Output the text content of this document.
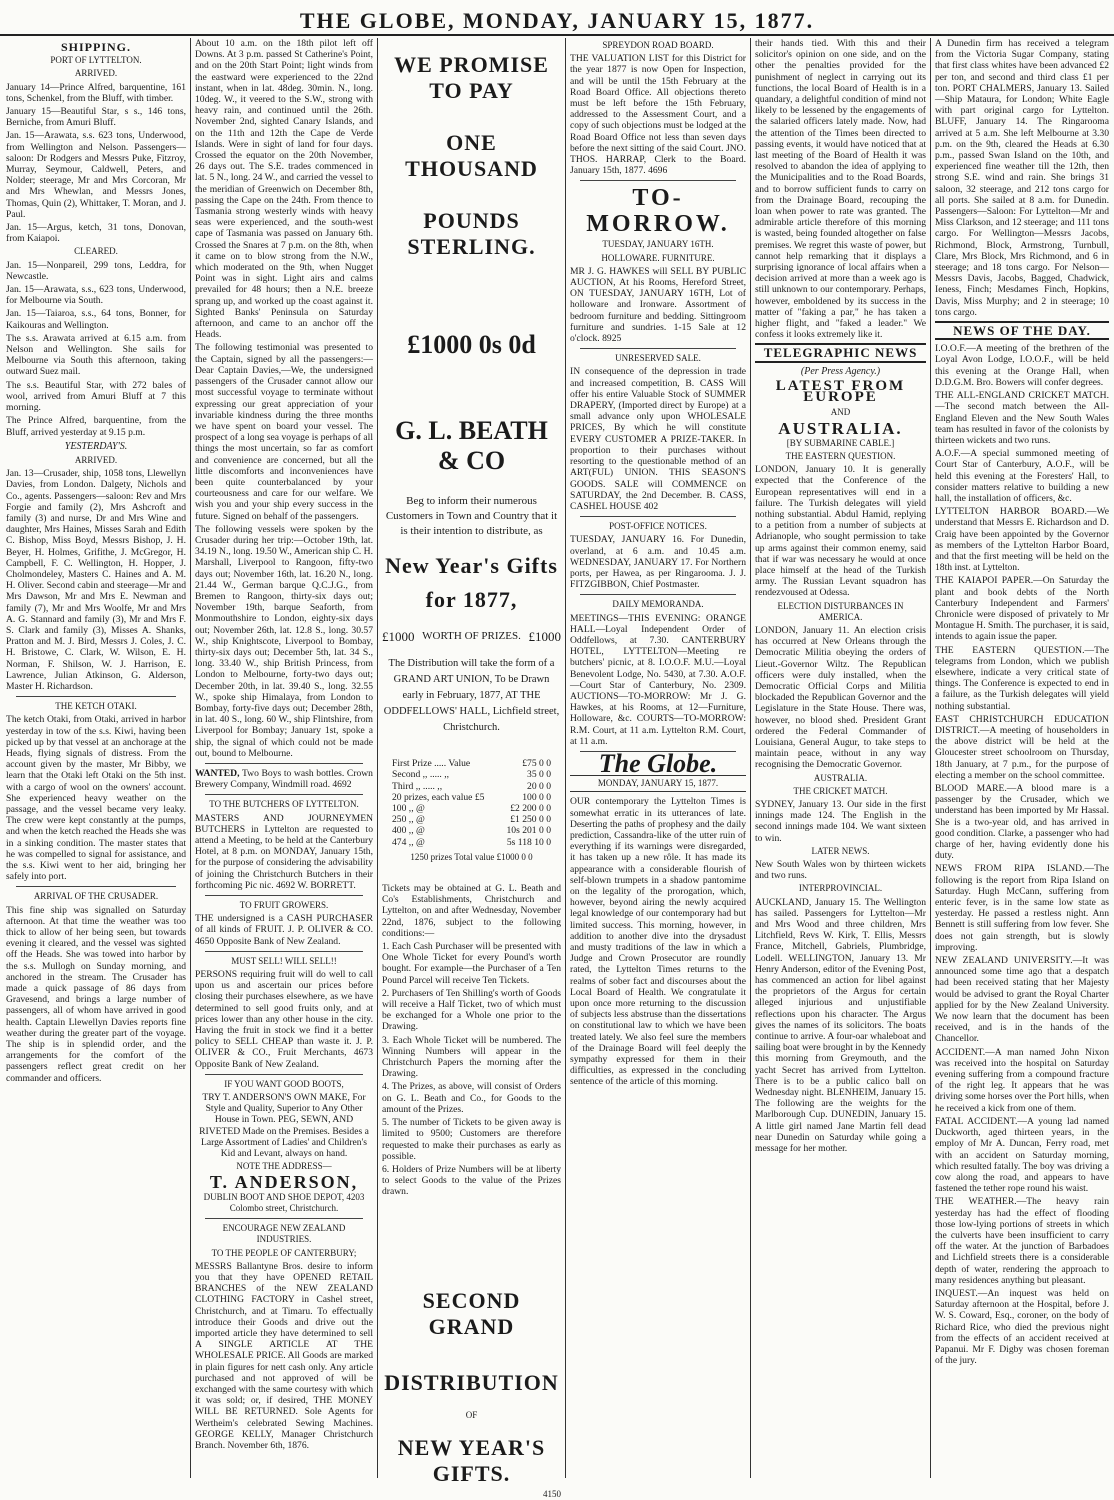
THE GLOBE, MONDAY, JANUARY 15, 1877.
SHIPPING.
PORT OF LYTTELTON.
ARRIVED.

January 14—Prince Alfred, barquentine, 161 tons, Schenkel, from the Bluff, with timber.

January 15—Beautiful Star, s s., 146 tons, Berniche, from Amuri Bluff.

Jan. 15—Arawata, s.s. 623 tons, Underwood, from Wellington and Nelson. Passengers—saloon: Dr Rodgers and Messrs Puke, Fitzroy, Murray, Seymour, Caldwell, Peters, and Nolder; steerage, Mr and Mrs Corcoran, Mr and Mrs Whewlan, and Messrs Jones, Thomas, Quin (2), Whittaker, T. Moran, and J. Paul.

Jan. 15—Argus, ketch, 31 tons, Donovan, from Kaiapoi.

CLEARED.

Jan. 15—Nonpareil, 299 tons, Leddra, for Newcastle.

Jan. 15—Arawata, s.s., 623 tons, Underwood, for Melbourne via South.

Jan. 15—Taiaroa, s.s., 64 tons, Bonner, for Kaikouras and Wellington.

The s.s. Arawata arrived at 6.15 a.m. from Nelson and Wellington. She sails for Melbourne via South this afternoon, taking outward Suez mail.

The s.s. Beautiful Star, with 272 bales of wool, arrived from Amuri Bluff at 7 this morning.

The Prince Alfred, barquentine, from the Bluff, arrived yesterday at 9.15 p.m.

YESTERDAY'S.
ARRIVED.

Jan. 13—Crusader, ship, 1058 tons, Llewellyn Davies, from London. Dalgety, Nichols and Co., agents. Passengers—saloon: Rev and Mrs Forgie and family (2), Mrs Ashcroft and family (3) and nurse, Dr and Mrs Wine and daughter, Mrs Haines, Misses Sarah and Edith C. Bishop, Miss Boyd, Messrs Bishop, J. H. Beyer, H. Holmes, Grifithe, J. McGregor, H. Campbell, F. C. Wellington, H. Hopper, J. Cholmondeley, Masters C. Haines and A. M. H. Oliver. Second cabin and steerage—Mr and Mrs Dawson, Mr and Mrs E. Newman and family (7), Mr and Mrs Woolfe, Mr and Mrs A. G. Stannard and family (3), Mr and Mrs F. S. Clark and family (3), Misses A. Shanks, Pratton and M. J. Bird, Messrs J. Coles, J. C. H. Bristowe, C. Clark, W. Wilson, E. H. Norman, F. Shilson, W. J. Harrison, E. Lawrence, Julian Atkinson, G. Alderson, Master H. Richardson.

THE KETCH OTAKI.

The ketch Otaki, from Otaki, arrived in harbor yesterday in tow of the s.s. Kiwi, having been picked up by that vessel at an anchorage at the Heads, flying signals of distress. From the account given by the master, Mr Bibby, we learn that the Otaki left Otaki on the 5th inst. with a cargo of wool on the owners' account. She experienced heavy weather on the passage, and the vessel became very leaky. The crew were kept constantly at the pumps, and when the ketch reached the Heads she was in a sinking condition. The master states that he was compelled to signal for assistance, and the s.s. Kiwi went to her aid, bringing her safely into port.

ARRIVAL OF THE CRUSADER.

This fine ship was signalled on Saturday afternoon. At that time the weather was too thick to allow of her being seen, but towards evening it cleared, and the vessel was sighted off the Heads. She was towed into harbor by the s.s. Mullogh on Sunday morning, and anchored in the stream. The Crusader has made a quick passage of 86 days from Gravesend, and brings a large number of passengers, all of whom have arrived in good health. Captain Llewellyn Davies reports fine weather during the greater part of the voyage. The ship is in splendid order, and the arrangements for the comfort of the passengers reflect great credit on her commander and officers.

About 10 a.m. on the 18th pilot left off Downs. At 3 p.m. passed St Catherine's Point, and on the 20th Start Point; light winds from the eastward were experienced to the 22nd instant, when in lat. 48deg. 30min. N., long. 10deg. W., it veered to the S.W., strong with heavy rain, and continued until the 26th. November 2nd, sighted Canary Islands, and on the 11th and 12th the Cape de Verde Islands. Were in sight of land for four days. Crossed the equator on the 20th November, 26 days out. The S.E. trades commenced in lat. 5 N., long. 24 W., and carried the vessel to the meridian of Greenwich on December 8th, passing the Cape on the 24th. From thence to Tasmania strong westerly winds with heavy seas were experienced, and the south-west cape of Tasmania was passed on January 6th. Crossed the Snares at 7 p.m. on the 8th, when it came on to blow strong from the N.W., which moderated on the 9th, when Nugget Point was in sight. Light airs and calms prevailed for 48 hours; then a N.E. breeze sprang up, and worked up the coast against it. Sighted Banks' Peninsula on Saturday afternoon, and came to an anchor off the Heads.

The following testimonial was presented to the Captain, signed by all the passengers:—Dear Captain Davies,—We, the undersigned passengers of the Crusader cannot allow our most successful voyage to terminate without expressing our great appreciation of your invariable kindness during the three months we have spent on board your vessel. The prospect of a long sea voyage is perhaps of all things the most uncertain, so far as comfort and convenience are concerned, but all the little discomforts and inconveniences have been quite counterbalanced by your courteousness and care for our welfare. We wish you and your ship every success in the future. Signed on behalf of the passengers.

The following vessels were spoken by the Crusader during her trip:—October 19th, lat. 34.19 N., long. 19.50 W., American ship C. H. Marshall, Liverpool to Rangoon, fifty-two days out; November 16th, lat. 16.20 N., long. 21.44 W., German barque Q.C.J.G., from Bremen to Rangoon, thirty-six days out; November 19th, barque Seaforth, from Monmouthshire to London, eighty-six days out; November 26th, lat. 12.8 S., long. 30.57 W., ship Knightscote, Liverpool to Bombay, thirty-six days out; December 5th, lat. 34 S., long. 33.40 W., ship British Princess, from London to Melbourne, forty-two days out; December 20th, in lat. 39.40 S., long. 32.55 W., spoke ship Himalaya, from London to Bombay, forty-five days out; December 28th, in lat. 40 S., long. 60 W., ship Flintshire, from Liverpool for Bombay; January 1st, spoke a ship, the signal of which could not be made out, bound to Melbourne.

WANTED, Two Boys to wash bottles. Crown Brewery Company, Windmill road. 4692

TO THE BUTCHERS OF LYTTELTON.

MASTERS AND JOURNEYMEN BUTCHERS in Lyttelton are requested to attend a Meeting, to be held at the Canterbury Hotel, at 8 p.m. on MONDAY, January 15th, for the purpose of considering the advisability of joining the Christchurch Butchers in their forthcoming Pic nic. 4692 W. BORRETT.

TO FRUIT GROWERS.

THE undersigned is a CASH PURCHASER of all kinds of FRUIT. J. P. OLIVER & CO. 4650 Opposite Bank of New Zealand.

MUST SELL! WILL SELL!!

PERSONS requiring fruit will do well to call upon us and ascertain our prices before closing their purchases elsewhere, as we have determined to sell good fruits only, and at prices lower than any other house in the city. Having the fruit in stock we find it a better policy to SELL CHEAP than waste it. J. P. OLIVER & CO., Fruit Merchants, 4673 Opposite Bank of New Zealand.

IF YOU WANT GOOD BOOTS,

TRY T. ANDERSON'S OWN MAKE, For Style and Quality, Superior to Any Other House in Town. PEG, SEWN, AND RIVETED Made on the Premises. Besides a Large Assortment of Ladies' and Children's Kid and Levant, always on hand.

NOTE THE ADDRESS—
T. ANDERSON,
DUBLIN BOOT AND SHOE DEPOT, 4203 Colombo street, Christchurch.
ENCOURAGE NEW ZEALAND INDUSTRIES.
TO THE PEOPLE OF CANTERBURY;

MESSRS Ballantyne Bros. desire to inform you that they have OPENED RETAIL BRANCHES of the NEW ZEALAND CLOTHING FACTORY in Cashel street, Christchurch, and at Timaru. To effectually introduce their Goods and drive out the imported article they have determined to sell A SINGLE ARTICLE AT THE WHOLESALE PRICE. All Goods are marked in plain figures for nett cash only. Any article purchased and not approved of will be exchanged with the same courtesy with which it was sold; or, if desired, THE MONEY WILL BE RETURNED. Sole Agents for Wertheim's celebrated Sewing Machines. GEORGE KELLY, Manager Christchurch Branch. November 6th, 1876.

WE PROMISE TO PAY
ONE THOUSAND
POUNDS STERLING.
£1000 0s 0d
G. L. BEATH & CO

Beg to inform their numerous Customers in Town and Country that it is their intention to distribute, as

New Year's Gifts
for 1877,
£1000 WORTH OF PRIZES. £1000

The Distribution will take the form of a GRAND ART UNION, To be Drawn early in February, 1877, AT THE ODDFELLOWS' HALL, Lichfield street, Christchurch.

First Prize ..... Value	£75 0 0
Second ,, ..... ,,	35 0 0
Third ,, ..... ,,	20 0 0
20 prizes, each value £5	100 0 0
100 ,, @	£2 200 0 0
250 ,, @	£1 250 0 0
400 ,, @	10s 201 0 0
474 ,, @	5s 118 10 0
1250 prizes Total value £1000 0 0

Tickets may be obtained at G. L. Beath and Co's Establishments, Christchurch and Lyttelton, on and after Wednesday, November 22nd, 1876, subject to the following conditions:—

1. Each Cash Purchaser will be presented with One Whole Ticket for every Pound's worth bought. For example—the Purchaser of a Ten Pound Parcel will receive Ten Tickets.

2. Purchasers of Ten Shilling's worth of Goods will receive a Half Ticket, two of which must be exchanged for a Whole one prior to the Drawing.

3. Each Whole Ticket will be numbered. The Winning Numbers will appear in the Christchurch Papers the morning after the Drawing.

4. The Prizes, as above, will consist of Orders on G. L. Beath and Co., for Goods to the amount of the Prizes.

5. The number of Tickets to be given away is limited to 9500; Customers are therefore requested to make their purchases as early as possible.

6. Holders of Prize Numbers will be at liberty to select Goods to the value of the Prizes drawn.

SECOND GRAND
DISTRIBUTION
OF
NEW YEAR'S GIFTS.
4150
SPREYDON ROAD BOARD.

THE VALUATION LIST for this District for the year 1877 is now Open for Inspection, and will be until the 15th February at the Road Board Office. All objections thereto must be left before the 15th February, addressed to the Assessment Court, and a copy of such objections must be lodged at the Road Board Office not less than seven days before the next sitting of the said Court. JNO. THOS. HARRAP, Clerk to the Board. January 15th, 1877. 4696

TO-MORROW.
TUESDAY, JANUARY 16TH.
HOLLOWARE. FURNITURE.

MR J. G. HAWKES will SELL BY PUBLIC AUCTION, At his Rooms, Hereford Street, ON TUESDAY, JANUARY 16TH, Lot of holloware and Ironware. Assortment of bedroom furniture and bedding. Sittingroom furniture and sundries. 1-15 Sale at 12 o'clock. 8925

UNRESERVED SALE.

IN consequence of the depression in trade and increased competition, B. CASS Will offer his entire Valuable Stock of SUMMER DRAPERY, (Imported direct by Europe) at a small advance only upon WHOLESALE PRICES, By which he will constitute EVERY CUSTOMER A PRIZE-TAKER. In proportion to their purchases without resorting to the questionable method of an ART(FUL) UNION. THIS SEASON'S GOODS. SALE will COMMENCE on SATURDAY, the 2nd December. B. CASS, CASHEL HOUSE 402

POST-OFFICE NOTICES.

TUESDAY, JANUARY 16. For Dunedin, overland, at 6 a.m. and 10.45 a.m. WEDNESDAY, JANUARY 17. For Northern ports, per Hawea, as per Ringarooma. J. J. FITZGIBBON, Chief Postmaster.

DAILY MEMORANDA.

MEETINGS—THIS EVENING: ORANGE HALL—Loyal Independent Order of Oddfellows, at 7.30. CANTERBURY HOTEL, LYTTELTON—Meeting re butchers' picnic, at 8. I.O.O.F. M.U.—Loyal Benevolent Lodge, No. 5430, at 7.30. A.O.F.—Court Star of Canterbury, No. 2309. AUCTIONS—TO-MORROW: Mr J. G. Hawkes, at his Rooms, at 12—Furniture, Holloware, &c. COURTS—TO-MORROW: R.M. Court, at 11 a.m. Lyttelton R.M. Court, at 11 a.m.

The Globe.
MONDAY, JANUARY 15, 1877.

OUR contemporary the Lyttelton Times is somewhat erratic in its utterances of late. Deserting the paths of prophesy and the daily prediction, Cassandra-like of the utter ruin of everything if its warnings were disregarded, it has taken up a new rôle. It has made its appearance with a considerable flourish of self-blown trumpets in a shadow pantomime on the legality of the prorogation, which, however, beyond airing the newly acquired legal knowledge of our contemporary had but limited success. This morning, however, in addition to another dive into the drysadust and musty traditions of the law in which a Judge and Crown Prosecutor are roundly rated, the Lyttelton Times returns to the realms of sober fact and discourses about the Local Board of Health. We congratulate it upon once more returning to the discussion of subjects less abstruse than the dissertations on constitutional law to which we have been treated lately. We also feel sure the members of the Drainage Board will feel deeply the sympathy expressed for them in their difficulties, as expressed in the concluding sentence of the article of this morning.

their hands tied. With this and their solicitor's opinion on one side, and on the other the penalties provided for the punishment of neglect in carrying out its functions, the local Board of Health is in a quandary, a delightful condition of mind not likely to be lessened by the engagements of the salaried officers lately made. Now, had the attention of the Times been directed to passing events, it would have noticed that at last meeting of the Board of Health it was resolved to abandon the idea of applying to the Municipalities and to the Road Boards, and to borrow sufficient funds to carry on from the Drainage Board, recouping the loan when power to rate was granted. The admirable article therefore of this morning is wasted, being founded altogether on false premises. We regret this waste of power, but cannot help remarking that it displays a surprising ignorance of local affairs when a decision arrived at more than a week ago is still unknown to our contemporary. Perhaps, however, emboldened by its success in the matter of "faking a par," he has taken a higher flight, and "faked a leader." We confess it looks extremely like it.

TELEGRAPHIC NEWS
(Per Press Agency.)
LATEST FROM EUROPE
AND
AUSTRALIA.
[BY SUBMARINE CABLE.]
THE EASTERN QUESTION.

LONDON, January 10. It is generally expected that the Conference of the European representatives will end in a failure. The Turkish delegates will yield nothing substantial. Abdul Hamid, replying to a petition from a number of subjects at Adrianople, who sought permission to take up arms against their common enemy, said that if war was necessary he would at once place himself at the head of the Turkish army. The Russian Levant squadron has rendezvoused at Odessa.

ELECTION DISTURBANCES IN AMERICA.

LONDON, January 11. An election crisis has occurred at New Orleans through the Democratic Militia obeying the orders of Lieut.-Governor Wiltz. The Republican officers were duly installed, when the Democratic Official Corps and Militia blockaded the Republican Governor and the Legislature in the State House. There was, however, no blood shed. President Grant ordered the Federal Commander of Louisiana, General Augur, to take steps to maintain peace, without in any way recognising the Democratic Governor.

AUSTRALIA.
THE CRICKET MATCH.

SYDNEY, January 13. Our side in the first innings made 124. The English in the second innings made 104. We want sixteen to win.

LATER NEWS.

New South Wales won by thirteen wickets and two runs.

INTERPROVINCIAL.

AUCKLAND, January 15. The Wellington has sailed. Passengers for Lyttelton—Mr and Mrs Wood and three children, Mrs Litchfield, Revs W. Kirk, T. Ellis, Messrs France, Mitchell, Gabriels, Plumbridge, Lodell. WELLINGTON, January 13. Mr Henry Anderson, editor of the Evening Post, has commenced an action for libel against the proprietors of the Argus for certain alleged injurious and unjustifiable reflections upon his character. The Argus gives the names of its solicitors. The boats continue to arrive. A four-oar whaleboat and sailing boat were brought in by the Kennedy this morning from Greymouth, and the yacht Secret has arrived from Lyttelton. There is to be a public calico ball on Wednesday night. BLENHEIM, January 15. The following are the weights for the Marlborough Cup. DUNEDIN, January 15. A little girl named Jane Martin fell dead near Dunedin on Saturday while going a message for her mother.

A Dunedin firm has received a telegram from the Victoria Sugar Company, stating that first class whites have been advanced £2 per ton, and second and third class £1 per ton. PORT CHALMERS, January 13. Sailed—Ship Mataura, for London; White Eagle with part original cargo for Lyttelton. BLUFF, January 14. The Ringarooma arrived at 5 a.m. She left Melbourne at 3.30 p.m. on the 9th, cleared the Heads at 6.30 p.m., passed Swan Island on the 10th, and experienced fine weather till the 12th, then strong S.E. wind and rain. She brings 31 saloon, 32 steerage, and 212 tons cargo for all ports. She sailed at 8 a.m. for Dunedin. Passengers—Saloon: For Lyttelton—Mr and Miss Clarkson, and 12 steerage; and 111 tons cargo. For Wellington—Messrs Jacobs, Richmond, Block, Armstrong, Turnbull, Clare, Mrs Block, Mrs Richmond, and 6 in steerage; and 18 tons cargo. For Nelson—Messrs Davis, Jacobs, Bagged, Chadwick, Ieness, Finch; Mesdames Finch, Hopkins, Davis, Miss Murphy; and 2 in steerage; 10 tons cargo.

NEWS OF THE DAY.

I.O.O.F.—A meeting of the brethren of the Loyal Avon Lodge, I.O.O.F., will be held this evening at the Orange Hall, when D.D.G.M. Bro. Bowers will confer degrees.

THE ALL-ENGLAND CRICKET MATCH.—The second match between the All-England Eleven and the New South Wales team has resulted in favor of the colonists by thirteen wickets and two runs.

A.O.F.—A special summoned meeting of Court Star of Canterbury, A.O.F., will be held this evening at the Foresters' Hall, to consider matters relative to building a new hall, the installation of officers, &c.

LYTTELTON HARBOR BOARD.—We understand that Messrs E. Richardson and D. Craig have been appointed by the Governor as members of the Lyttelton Harbor Board, and that the first meeting will be held on the 18th inst. at Lyttelton.

THE KAIAPOI PAPER.—On Saturday the plant and book debts of the North Canterbury Independent and Farmers' Chronicle were disposed of privately to Mr Montague H. Smith. The purchaser, it is said, intends to again issue the paper.

THE EASTERN QUESTION.—The telegrams from London, which we publish elsewhere, indicate a very critical state of things. The Conference is expected to end in a failure, as the Turkish delegates will yield nothing substantial.

EAST CHRISTCHURCH EDUCATION DISTRICT.—A meeting of householders in the above district will be held at the Gloucester street schoolroom on Thursday, 18th January, at 7 p.m., for the purpose of electing a member on the school committee.

BLOOD MARE.—A blood mare is a passenger by the Crusader, which we understand has been imported by Mr Hassal. She is a two-year old, and has arrived in good condition. Clarke, a passenger who had charge of her, having evidently done his duty.

NEWS FROM RIPA ISLAND.—The following is the report from Ripa Island on Saturday. Hugh McCann, suffering from enteric fever, is in the same low state as yesterday. He passed a restless night. Ann Bennett is still suffering from low fever. She does not gain strength, but is slowly improving.

NEW ZEALAND UNIVERSITY.—It was announced some time ago that a despatch had been received stating that her Majesty would be advised to grant the Royal Charter applied for by the New Zealand University. We now learn that the document has been received, and is in the hands of the Chancellor.

ACCIDENT.—A man named John Nixon was received into the hospital on Saturday evening suffering from a compound fracture of the right leg. It appears that he was driving some horses over the Port hills, when he received a kick from one of them.

FATAL ACCIDENT.—A young lad named Duckworth, aged thirteen years, in the employ of Mr A. Duncan, Ferry road, met with an accident on Saturday morning, which resulted fatally. The boy was driving a cow along the road, and appears to have fastened the tether rope round his waist.

THE WEATHER.—The heavy rain yesterday has had the effect of flooding those low-lying portions of streets in which the culverts have been insufficient to carry off the water. At the junction of Barbadoes and Lichfield streets there is a considerable depth of water, rendering the approach to many residences anything but pleasant.

INQUEST.—An inquest was held on Saturday afternoon at the Hospital, before J. W. S. Coward, Esq., coroner, on the body of Richard Rice, who died the previous night from the effects of an accident received at Papanui. Mr F. Digby was chosen foreman of the jury.
